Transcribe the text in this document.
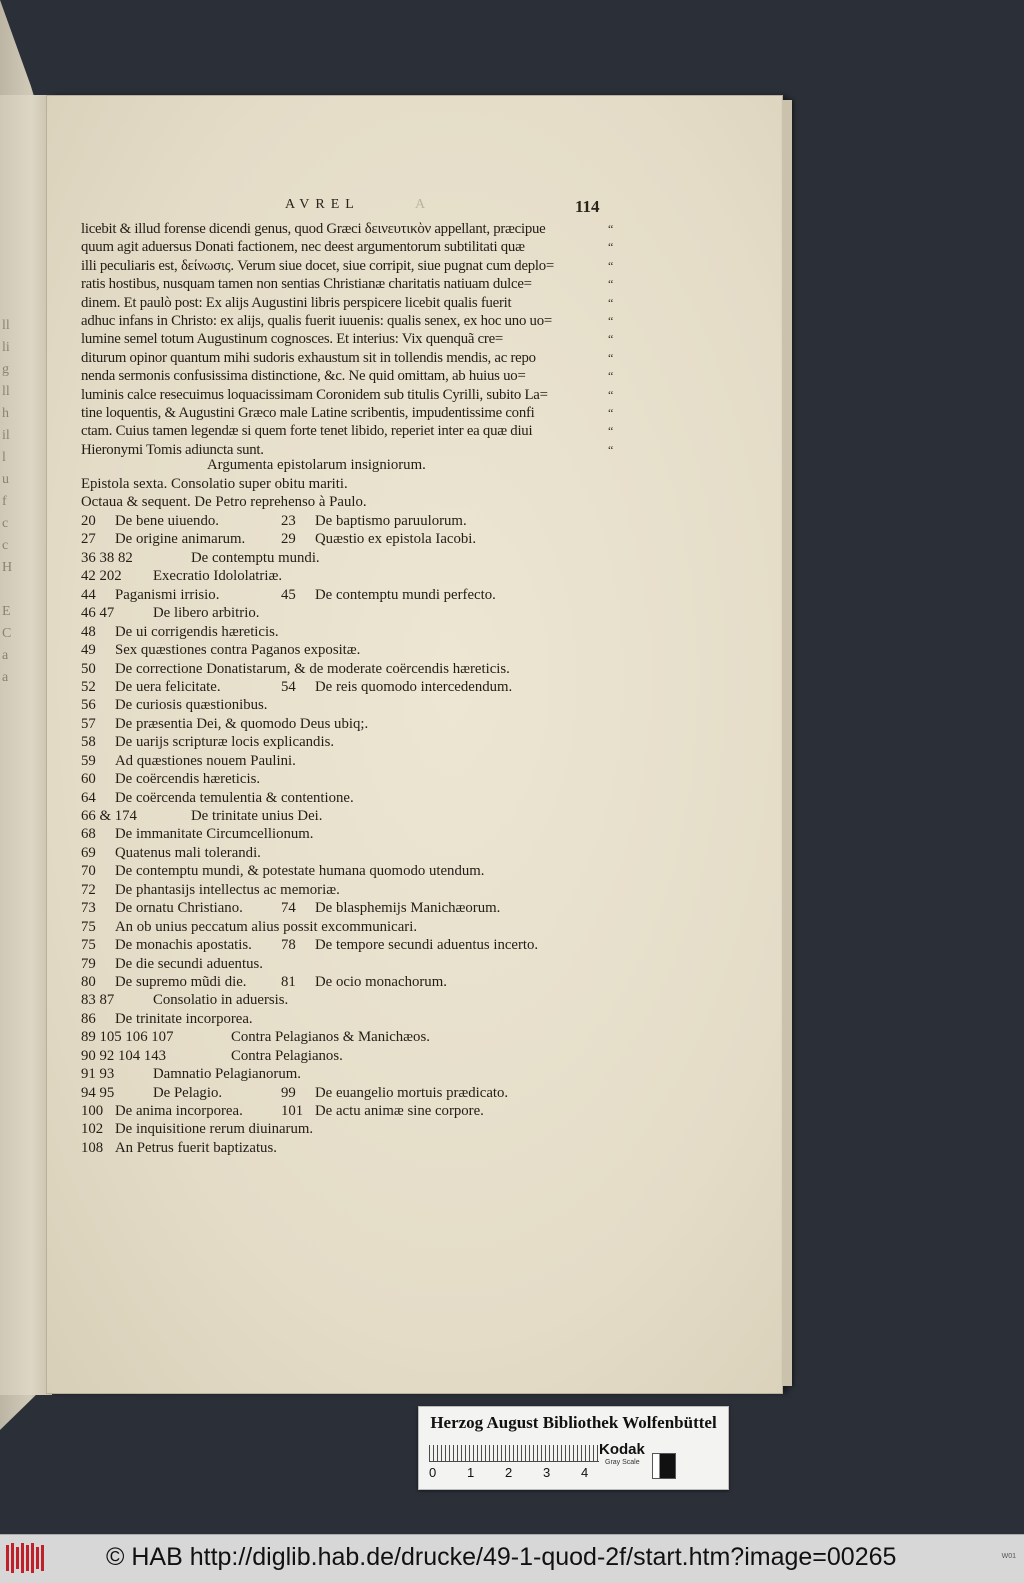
ll
li
g
ll
h
il
l
u
f
c
c
H

E
C
a
a
AVREL	A	114
licebit & illud forense dicendi genus, quod Græci δεινευτικὸν appellant, præcipue
quum agit aduersus Donati factionem, nec deest argumentorum subtilitati quæ
illi peculiaris est, δείνωσις. Verum siue docet, siue corripit, siue pugnat cum deplo=
ratis hostibus, nusquam tamen non sentias Christianæ charitatis natiuam dulce=
dinem. Et paulò post: Ex alijs Augustini libris perspicere licebit qualis fuerit
adhuc infans in Christo: ex alijs, qualis fuerit iuuenis: qualis senex, ex hoc uno uo=
lumine semel totum Augustinum cognosces. Et interius: Vix quenquã cre=
diturum opinor quantum mihi sudoris exhaustum sit in tollendis mendis, ac repo
nenda sermonis confusissima distinctione, &c. Ne quid omittam, ab huius uo=
luminis calce resecuimus loquacissimam Coronidem sub titulis Cyrilli, subito La=
tine loquentis, & Augustini Græco male Latine scribentis, impudentissime confi
ctam. Cuius tamen legendæ si quem forte tenet libido, reperiet inter ea quæ diui
Hieronymi Tomis adiuncta sunt.
“
“
“
“
“
“
“
“
“
“
“
“
“
Argumenta epistolarum insigniorum.
Epistola sexta. Consolatio super obitu mariti.
Octaua & sequent. De Petro reprehenso à Paulo.
20 De bene uiuendo.	23 De baptismo paruulorum.
27 De origine animarum. 29 Quæstio ex epistola Iacobi.
36 38 82	De contemptu mundi.
42 202 Execratio Idololatriæ.
44 Paganismi irrisio.	45 De contemptu mundi perfecto.
46 47	De libero arbitrio.
48 De ui corrigendis hæreticis.
49 Sex quæstiones contra Paganos expositæ.
50 De correctione Donatistarum, & de moderate coërcendis hæreticis.
52 De uera felicitate.	54 De reis quomodo intercedendum.
56 De curiosis quæstionibus.
57 De præsentia Dei, & quomodo Deus ubiq;.
58 De uarijs scripturæ locis explicandis.
59 Ad quæstiones nouem Paulini.
60 De coërcendis hæreticis.
64 De coërcenda temulentia & contentione.
66 & 174	De trinitate unius Dei.
68 De immanitate Circumcellionum.
69 Quatenus mali tolerandi.
70 De contemptu mundi, & potestate humana quomodo utendum.
72 De phantasijs intellectus ac memoriæ.
73 De ornatu Christiano.	74 De blasphemijs Manichæorum.
75 An ob unius peccatum alius possit excommunicari.
75 De monachis apostatis. 78 De tempore secundi aduentus incerto.
79 De die secundi aduentus.
80 De supremo mũdi die. 81 De ocio monachorum.
83 87	Consolatio in aduersis.
86 De trinitate incorporea.
89 105 106 107	Contra Pelagianos & Manichæos.
90 92 104 143	Contra Pelagianos.
91 93	Damnatio Pelagianorum.
94 95	De Pelagio.	99 De euangelio mortuis prædicato.
100 De anima incorporea.	101 De actu animæ sine corpore.
102 De inquisitione rerum diuinarum.
108 An Petrus fuerit baptizatus.
Herzog August Bibliothek Wolfenbüttel
0 1 2 3 4
Kodak
Gray Scale
© HAB http://diglib.hab.de/drucke/49-1-quod-2f/start.htm?image=00265	W01
